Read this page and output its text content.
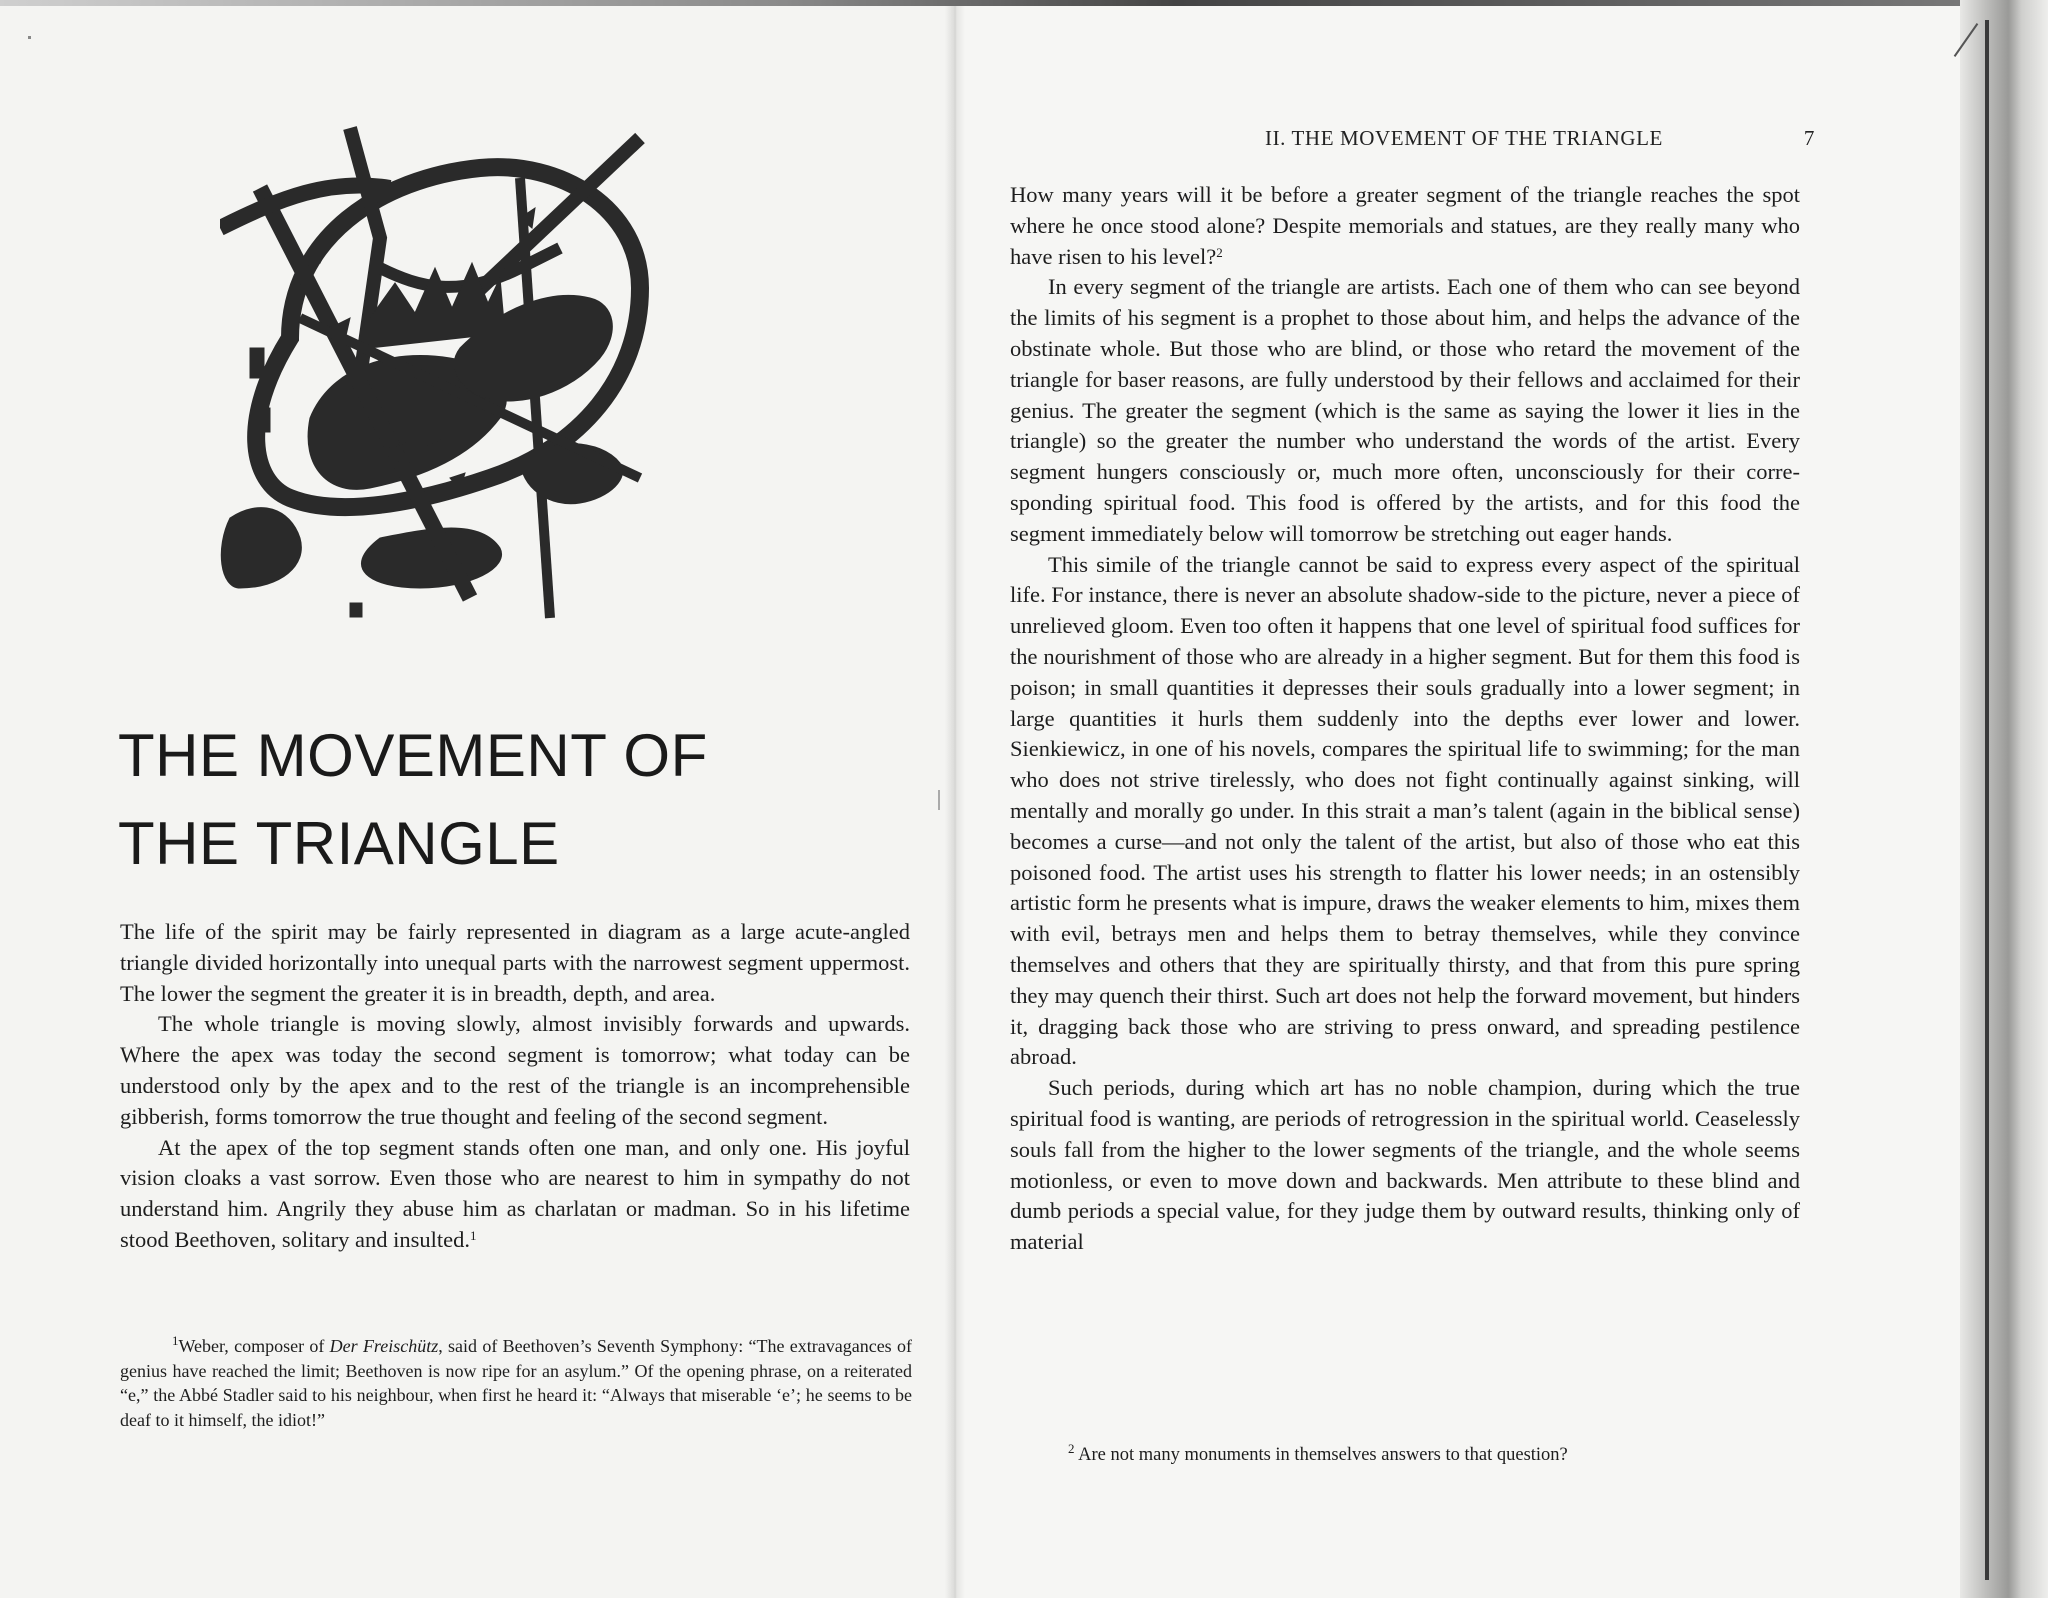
THE MOVEMENT OF
THE TRIANGLE

The life of the spirit may be fairly represented in diagram as a large acute-angled triangle divided horizontally into unequal parts with the narrowest segment uppermost. The lower the segment the greater it is in breadth, depth, and area.

The whole triangle is moving slowly, almost invisibly forwards and upwards. Where the apex was today the second segment is tomorrow; what today can be understood only by the apex and to the rest of the triangle is an incomprehensible gibberish, forms tomorrow the true thought and feeling of the second segment.

At the apex of the top segment stands often one man, and only one. His joyful vision cloaks a vast sorrow. Even those who are nearest to him in sympathy do not understand him. Angrily they abuse him as charlatan or madman. So in his lifetime stood Beethoven, solitary and insulted.$^1$

$^1$Weber, composer of Der Freischütz, said of Beethoven’s Seventh Symphony: “The extravagances of genius have reached the limit; Beethoven is now ripe for an asylum.” Of the opening phrase, on a reiterated “e,” the Abbé Stadler said to his neighbour, when first he heard it: “Always that miserable ‘e’; he seems to be deaf to it himself, the idiot!”

II. THE MOVEMENT OF THE TRIANGLE	7

How many years will it be before a greater segment of the triangle reaches the spot where he once stood alone? Despite memorials and statues, are they really many who have risen to his level?$^2$

In every segment of the triangle are artists. Each one of them who can see beyond the limits of his segment is a prophet to those about him, and helps the advance of the obstinate whole. But those who are blind, or those who retard the movement of the triangle for baser reasons, are fully understood by their fellows and acclaimed for their genius. The greater the segment (which is the same as saying the lower it lies in the triangle) so the greater the number who understand the words of the artist. Every segment hungers consciously or, much more often, unconsciously for their corresponding spiritual food. This food is offered by the artists, and for this food the segment immediately below will tomorrow be stretching out eager hands.

This simile of the triangle cannot be said to express every aspect of the spiritual life. For instance, there is never an absolute shadow-side to the picture, never a piece of unrelieved gloom. Even too often it happens that one level of spiritual food suffices for the nourishment of those who are already in a higher segment. But for them this food is poison; in small quantities it depresses their souls gradually into a lower segment; in large quantities it hurls them suddenly into the depths ever lower and lower. Sienkiewicz, in one of his novels, compares the spiritual life to swimming; for the man who does not strive tirelessly, who does not fight continually against sinking, will mentally and morally go under. In this strait a man’s talent (again in the biblical sense) becomes a curse—and not only the talent of the artist, but also of those who eat this poisoned food. The artist uses his strength to flatter his lower needs; in an ostensibly artistic form he presents what is impure, draws the weaker elements to him, mixes them with evil, betrays men and helps them to betray themselves, while they convince themselves and others that they are spiritually thirsty, and that from this pure spring they may quench their thirst. Such art does not help the forward movement, but hinders it, dragging back those who are striving to press onward, and spreading pestilence abroad.

Such periods, during which art has no noble champion, during which the true spiritual food is wanting, are periods of retrogression in the spiritual world. Ceaselessly souls fall from the higher to the lower segments of the triangle, and the whole seems motionless, or even to move down and backwards. Men attribute to these blind and dumb periods a special value, for they judge them by outward results, thinking only of material

$^2$ Are not many monuments in themselves answers to that question?
